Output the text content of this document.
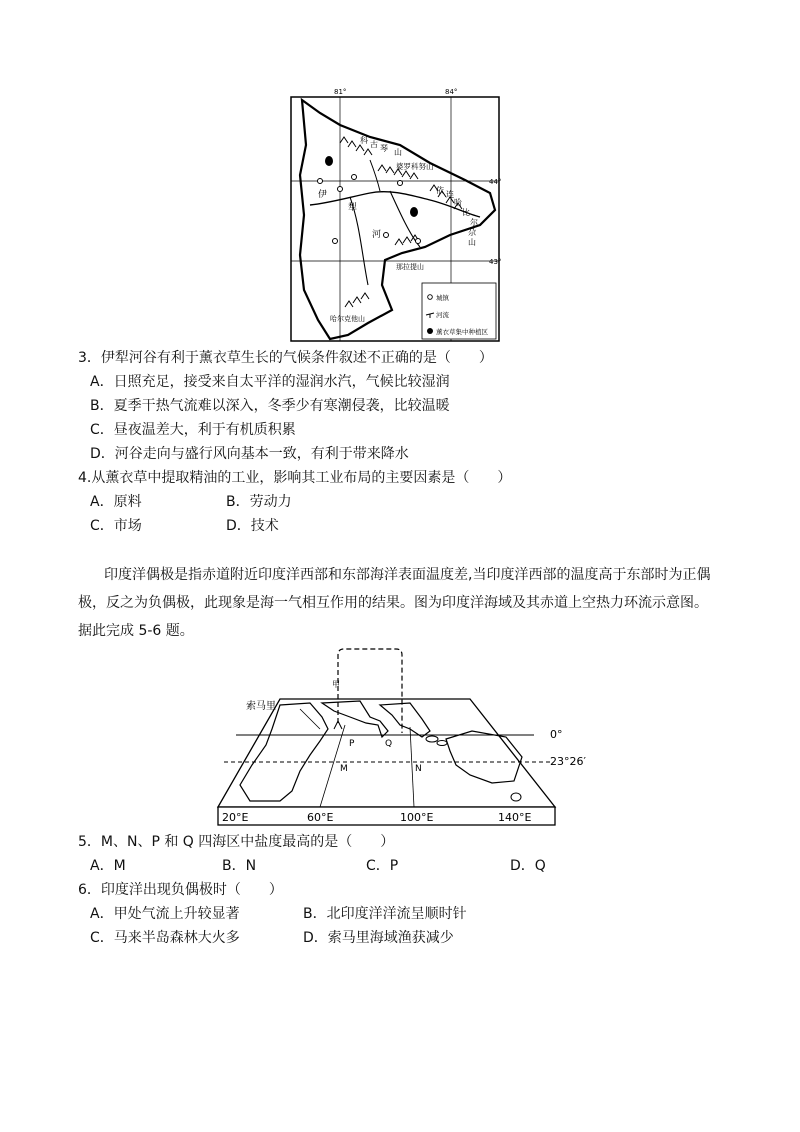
81°	84°
44°
43°
科 古 琴 山
婆罗科努山
依 连
哈
比
尔
尕
山
那拉提山
哈尔克他山
伊
犁
河
城镇
河流
薰衣草集中种植区
3．伊犁河谷有利于薰衣草生长的气候条件叙述不正确的是（　　）
A．日照充足，接受来自太平洋的湿润水汽，气候比较湿润
B．夏季干热气流难以深入，冬季少有寒潮侵袭，比较温暖
C．昼夜温差大，利于有机质积累
D．河谷走向与盛行风向基本一致，有利于带来降水
4.从薰衣草中提取精油的工业，影响其工业布局的主要因素是（　　）
A．原料	B．劳动力
C．市场	D．技术
印度洋偶极是指赤道附近印度洋西部和东部海洋表面温度差,当印度洋西部的温度高于东部时为正偶
极，反之为负偶极，此现象是海一气相互作用的结果。图为印度洋海域及其赤道上空热力环流示意图。
据此完成 5-6 题。
索马里
甲
0°
23°26′
P	Q
M	N
20°E	60°E	100°E	140°E
5．M、N、P 和 Q 四海区中盐度最高的是（　　）
A．M	B．N	C．P	D．Q
6．印度洋出现负偶极时（　　）
A．甲处气流上升较显著	B．北印度洋洋流呈顺时针
C．马来半岛森林大火多	D．索马里海域渔获减少
